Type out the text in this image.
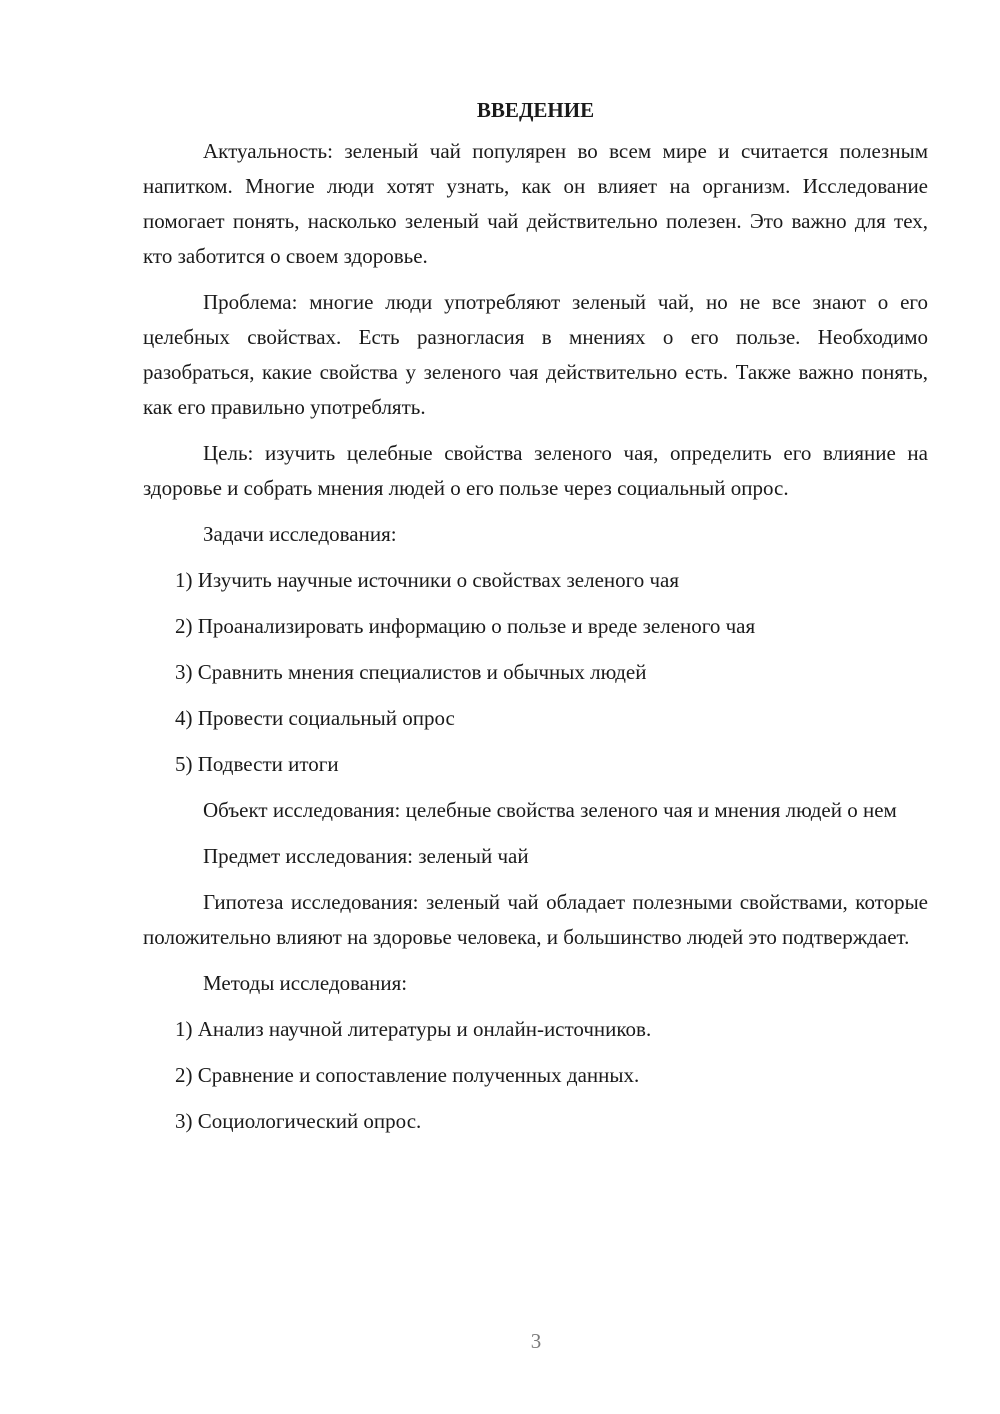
ВВЕДЕНИЕ

Актуальность: зеленый чай популярен во всем мире и считается полезным напитком. Многие люди хотят узнать, как он влияет на организм. Исследование помогает понять, насколько зеленый чай действительно полезен. Это важно для тех, кто заботится о своем здоровье.

Проблема: многие люди употребляют зеленый чай, но не все знают о его целебных свойствах. Есть разногласия в мнениях о его пользе. Необходимо разобраться, какие свойства у зеленого чая действительно есть. Также важно понять, как его правильно употреблять.

Цель: изучить целебные свойства зеленого чая, определить его влияние на здоровье и собрать мнения людей о его пользе через социальный опрос.

Задачи исследования:

1) Изучить научные источники о свойствах зеленого чая

2) Проанализировать информацию о пользе и вреде зеленого чая

3) Сравнить мнения специалистов и обычных людей

4) Провести социальный опрос

5) Подвести итоги

Объект исследования: целебные свойства зеленого чая и мнения людей о нем

Предмет исследования: зеленый чай

Гипотеза исследования: зеленый чай обладает полезными свойствами, которые положительно влияют на здоровье человека, и большинство людей это подтверждает.

Методы исследования:

1) Анализ научной литературы и онлайн-источников.

2) Сравнение и сопоставление полученных данных.

3) Социологический опрос.

3
